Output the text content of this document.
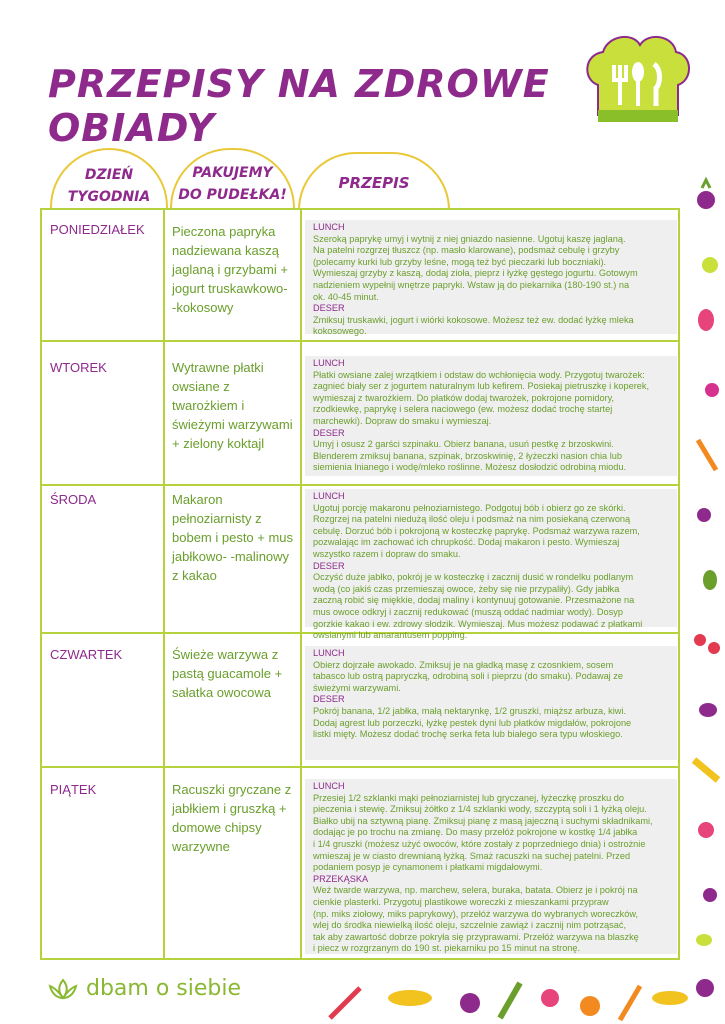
PRZEPISY NA ZDROWE OBIADY
DZIEŃ
TYGODNIA
PAKUJEMY
DO PUDEŁKA!
PRZEPIS
PONIEDZIAŁEK Pieczona papryka nadziewana kaszą jaglaną i grzybami + jogurt truskawkowo- -kokosowy
LUNCH
Szeroką paprykę umyj i wytnij z niej gniazdo nasienne. Ugotuj kaszę jaglaną.
Na patelni rozgrzej tłuszcz (np. masło klarowane), podsmaż cebulę i grzyby
(polecamy kurki lub grzyby leśne, mogą też być pieczarki lub boczniaki).
Wymieszaj grzyby z kaszą, dodaj zioła, pieprz i łyżkę gęstego jogurtu. Gotowym
nadzieniem wypełnij wnętrze papryki. Wstaw ją do piekarnika (180-190 st.) na
ok. 40-45 minut.
DESER
Zmiksuj truskawki, jogurt i wiórki kokosowe. Możesz też ew. dodać łyżkę mleka
kokosowego.
WTOREK	Wytrawne płatki owsiane z twarożkiem i świeżymi warzywami + zielony koktajl
LUNCH
Płatki owsiane zalej wrzątkiem i odstaw do wchłonięcia wody. Przygotuj twarożek:
zagnieć biały ser z jogurtem naturalnym lub kefirem. Posiekaj pietruszkę i koperek,
wymieszaj z twarożkiem. Do płatków dodaj twarożek, pokrojone pomidory,
rzodkiewkę, paprykę i selera naciowego (ew. możesz dodać trochę startej
marchewki). Dopraw do smaku i wymieszaj.
DESER
Umyj i osusz 2 garści szpinaku. Obierz banana, usuń pestkę z brzoskwini.
Blenderem zmiksuj banana, szpinak, brzoskwinię, 2 łyżeczki nasion chia lub
siemienia lnianego i wodę/mleko roślinne. Możesz dosłodzić odrobiną miodu.
ŚRODA	Makaron pełnoziarnisty z bobem i pesto + mus jabłkowo- -malinowy z kakao
LUNCH
Ugotuj porcję makaronu pełnoziarnistego. Podgotuj bób i obierz go ze skórki.
Rozgrzej na patelni niedużą ilość oleju i podsmaż na nim posiekaną czerwoną
cebulę. Dorzuć bób i pokrojoną w kosteczkę paprykę. Podsmaż warzywa razem,
pozwalając im zachować ich chrupkość. Dodaj makaron i pesto. Wymieszaj
wszystko razem i dopraw do smaku.
DESER
Oczyść duże jabłko, pokrój je w kosteczkę i zacznij dusić w rondelku podlanym
wodą (co jakiś czas przemieszaj owoce, żeby się nie przypaliły). Gdy jabłka
zaczną robić się miękkie, dodaj maliny i kontynuuj gotowanie. Przesmażone na
mus owoce odkryj i zacznij redukować (muszą oddać nadmiar wody). Dosyp
gorzkie kakao i ew. zdrowy słodzik. Wymieszaj. Mus możesz podawać z płatkami
owsianymi lub amarantusem popping.
CZWARTEK	Świeże warzywa z pastą guacamole + sałatka owocowa
LUNCH
Obierz dojrzałe awokado. Zmiksuj je na gładką masę z czosnkiem, sosem
tabasco lub ostrą papryczką, odrobiną soli i pieprzu (do smaku). Podawaj ze
świeżymi warzywami.
DESER
Pokrój banana, 1/2 jabłka, małą nektarynkę, 1/2 gruszki, miąższ arbuza, kiwi.
Dodaj agrest lub porzeczki, łyżkę pestek dyni lub płatków migdałów, pokrojone
listki mięty. Możesz dodać trochę serka feta lub białego sera typu włoskiego.
PIĄTEK	Racuszki gryczane z jabłkiem i gruszką + domowe chipsy warzywne
LUNCH
Przesiej 1/2 szklanki mąki pełnoziarnistej lub gryczanej, łyżeczkę proszku do
pieczenia i stewię. Zmiksuj żółtko z 1/4 szklanki wody, szczyptą soli i 1 łyżką oleju.
Białko ubij na sztywną pianę. Zmiksuj pianę z masą jajeczną i suchymi składnikami,
dodając je po trochu na zmianę. Do masy przełóż pokrojone w kostkę 1/4 jabłka
i 1/4 gruszki (możesz użyć owoców, które zostały z poprzedniego dnia) i ostrożnie
wmieszaj je w ciasto drewnianą łyżką. Smaż racuszki na suchej patelni. Przed
podaniem posyp je cynamonem i płatkami migdałowymi.
PRZEKĄSKA
Weź twarde warzywa, np. marchew, selera, buraka, batata. Obierz je i pokrój na
cienkie plasterki. Przygotuj plastikowe woreczki z mieszankami przypraw
(np. miks ziołowy, miks paprykowy), przełóż warzywa do wybranych woreczków,
wlej do środka niewielką ilość oleju, szczelnie zawiąż i zacznij nim potrząsać,
tak aby zawartość dobrze pokryła się przyprawami. Przełóż warzywa na blaszkę
i piecz w rozgrzanym do 190 st. piekarniku po 15 minut na stronę.
dbam o siebie
